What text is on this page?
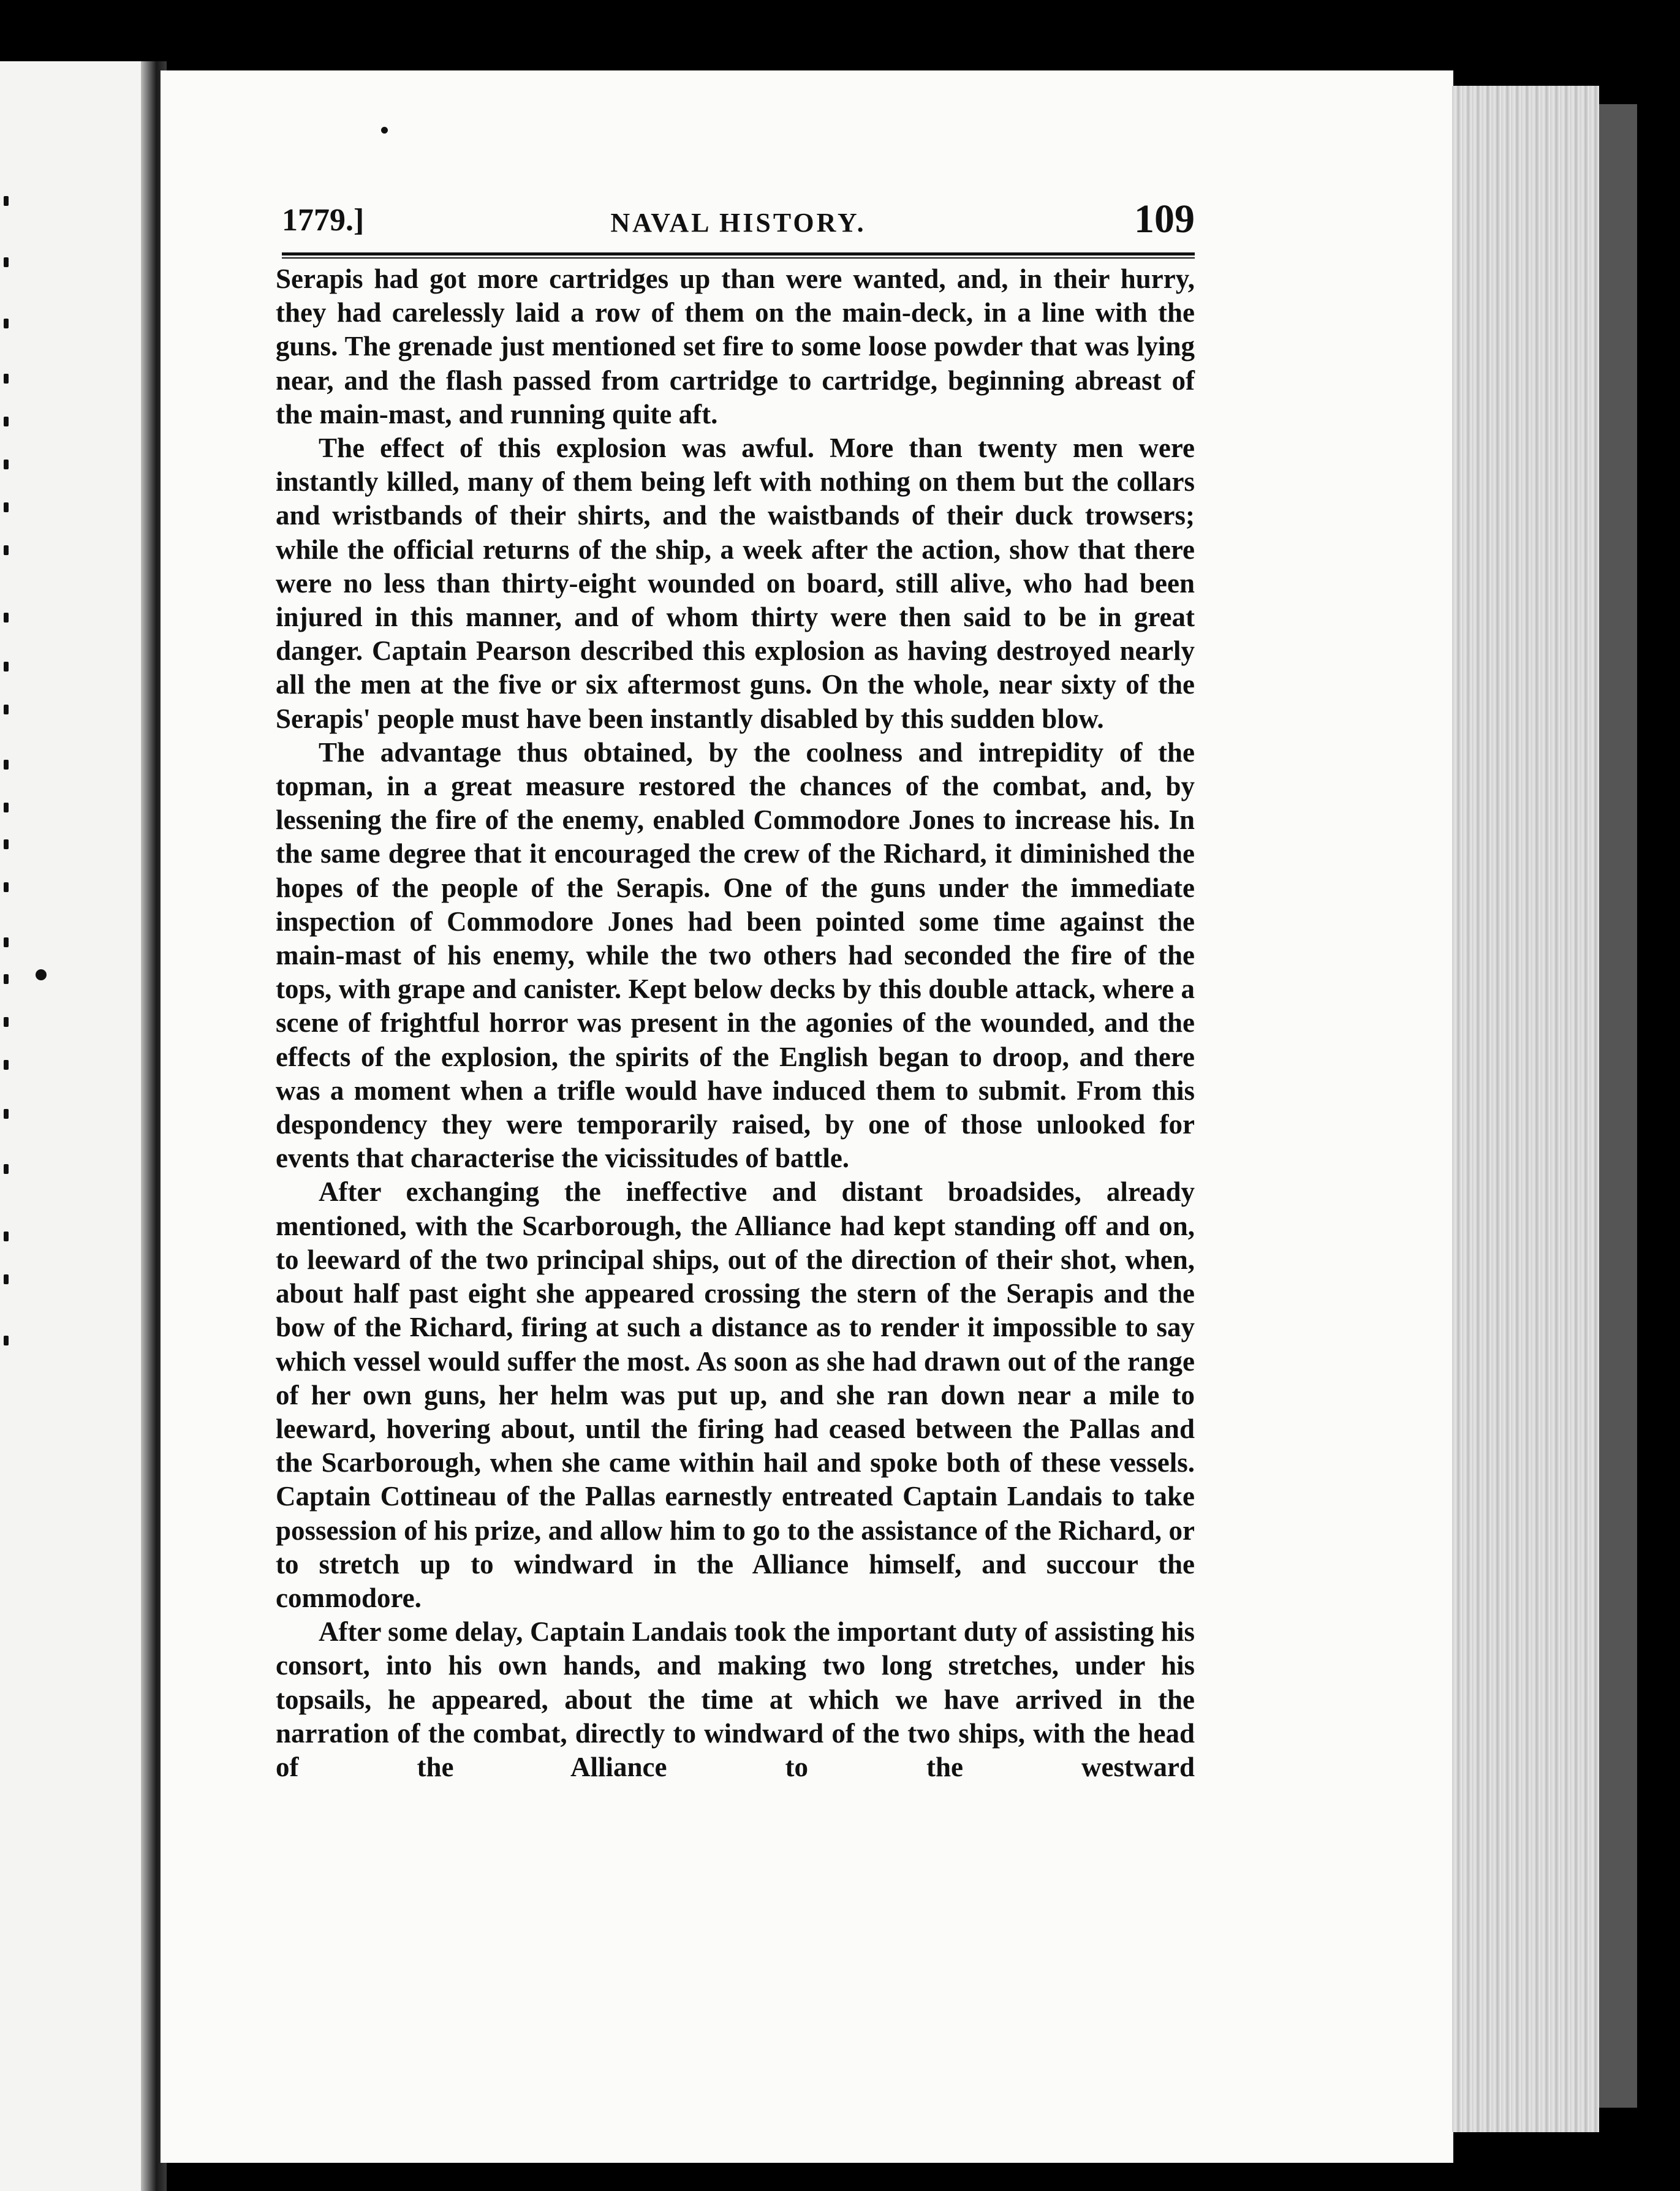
1779.]	NAVAL HISTORY.	109

Serapis had got more cartridges up than were wanted, and, in their hurry, they had carelessly laid a row of them on the main-deck, in a line with the guns. The grenade just mentioned set fire to some loose powder that was lying near, and the flash passed from cartridge to cartridge, beginning abreast of the main-mast, and running quite aft.

The effect of this explosion was awful. More than twenty men were instantly killed, many of them being left with nothing on them but the collars and wristbands of their shirts, and the waistbands of their duck trowsers; while the official returns of the ship, a week after the action, show that there were no less than thirty-eight wounded on board, still alive, who had been injured in this manner, and of whom thirty were then said to be in great danger. Captain Pearson described this explosion as having destroyed nearly all the men at the five or six aftermost guns. On the whole, near sixty of the Serapis' people must have been instantly disabled by this sudden blow.

The advantage thus obtained, by the coolness and intrepidity of the topman, in a great measure restored the chances of the combat, and, by lessening the fire of the enemy, enabled Commodore Jones to increase his. In the same degree that it encouraged the crew of the Richard, it diminished the hopes of the people of the Serapis. One of the guns under the immediate inspection of Commodore Jones had been pointed some time against the main-mast of his enemy, while the two others had seconded the fire of the tops, with grape and canister. Kept below decks by this double attack, where a scene of frightful horror was present in the agonies of the wounded, and the effects of the explosion, the spirits of the English began to droop, and there was a moment when a trifle would have induced them to submit. From this despondency they were temporarily raised, by one of those unlooked for events that characterise the vicissitudes of battle.

After exchanging the ineffective and distant broadsides, already mentioned, with the Scarborough, the Alliance had kept standing off and on, to leeward of the two principal ships, out of the direction of their shot, when, about half past eight she appeared crossing the stern of the Serapis and the bow of the Richard, firing at such a distance as to render it impossible to say which vessel would suffer the most. As soon as she had drawn out of the range of her own guns, her helm was put up, and she ran down near a mile to leeward, hovering about, until the firing had ceased between the Pallas and the Scarborough, when she came within hail and spoke both of these vessels. Captain Cottineau of the Pallas earnestly entreated Captain Landais to take possession of his prize, and allow him to go to the assistance of the Richard, or to stretch up to windward in the Alliance himself, and succour the commodore.

After some delay, Captain Landais took the important duty of assisting his consort, into his own hands, and making two long stretches, under his topsails, he appeared, about the time at which we have arrived in the narration of the combat, directly to windward of the two ships, with the head of the Alliance to the westward
